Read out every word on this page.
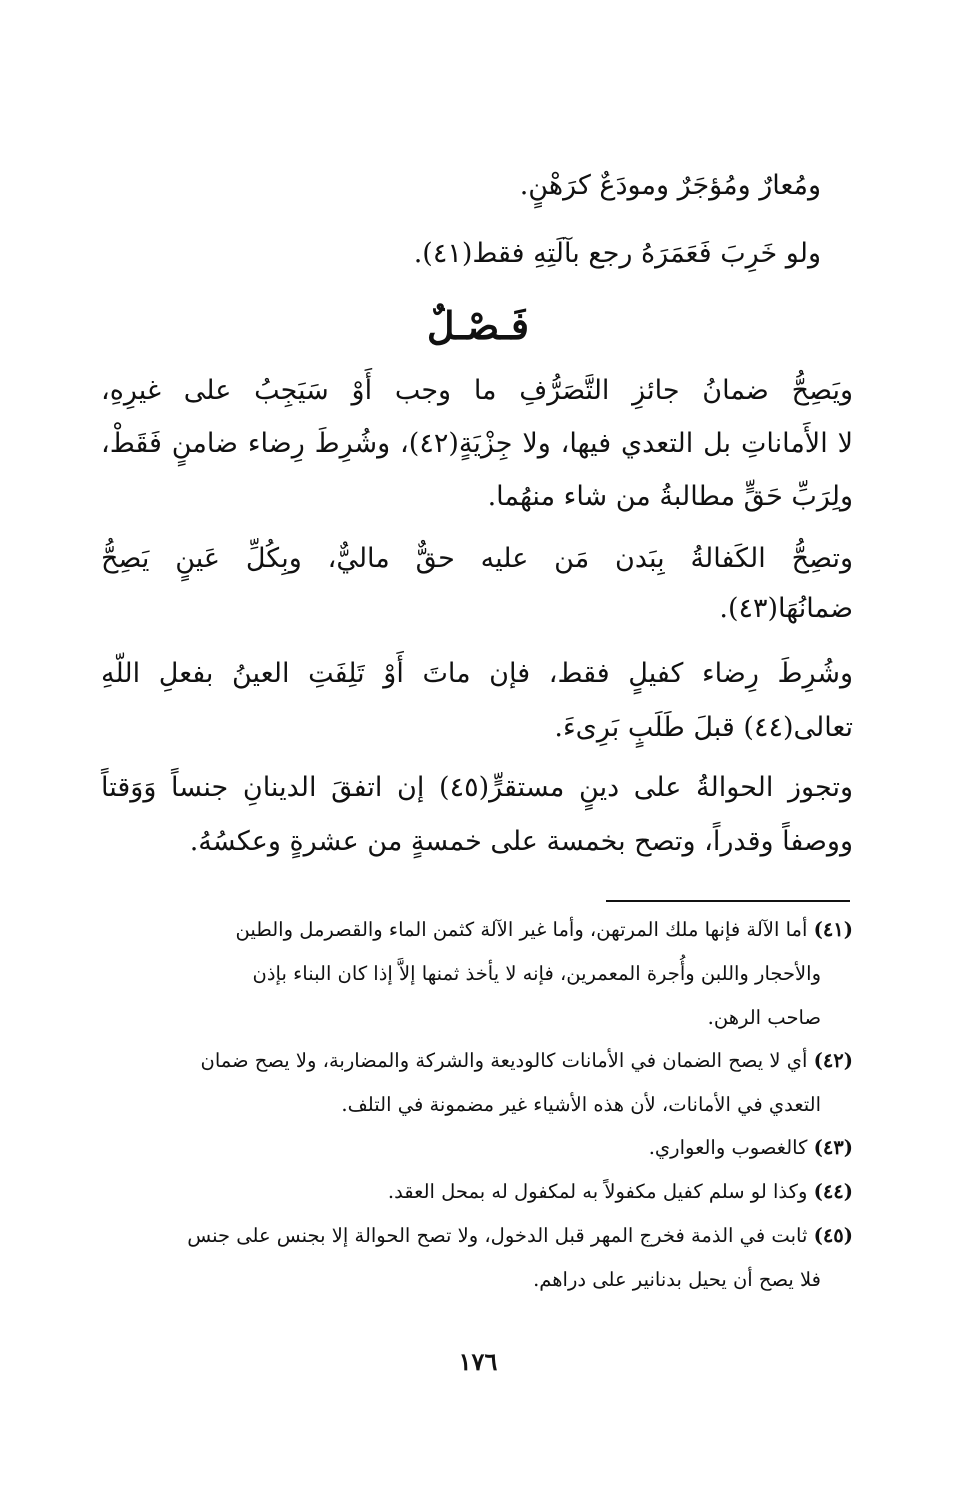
ومُعارٌ ومُؤجَرٌ ومودَعٌ كرَهْنٍ.
ولو خَرِبَ فَعَمَرَهُ رجع بآلَتِهِ فقط(٤١).
فَـصْـلٌ
ويَصِحُّ ضمانُ جائزِ التَّصَرُّفِ ما وجب أَوْ سَيَجِبُ على غيرِهِ،
لا الأَماناتِ بل التعدي فيها، ولا جِزْيَةٍ(٤٢)، وشُرِطَ رِضاء ضامنٍ فَقَطْ،
ولِرَبِّ حَقٍّ مطالبةُ من شاء منهُما.
وتصِحُّ الكَفالةُ بِبَدن مَن عليه حقٌّ ماليٌّ، وبِكُلِّ عَينٍ يَصِحُّ
ضمانُهَا(٤٣).
وشُرِطَ رِضاء كفيلٍ فقط، فإن ماتَ أَوْ تَلِفَتِ العينُ بفعلِ اللّهِ
تعالى(٤٤) قبلَ طَلَبٍ بَرِىءَ.
وتجوز الحوالةُ على دينٍ مستقرٍّ(٤٥) إن اتفقَ الدينانِ جنساً وَوَقتاً
ووصفاً وقدراً، وتصح بخمسة على خمسةٍ من عشرةٍ وعكسُهُ.
(٤١) أما الآلة فإنها ملك المرتهن، وأما غير الآلة كثمن الماء والقصرمل والطين
والأحجار واللبن وأُجرة المعمرين، فإنه لا يأخذ ثمنها إلاَّ إذا كان البناء بإذن
صاحب الرهن.
(٤٢) أي لا يصح الضمان في الأمانات كالوديعة والشركة والمضاربة، ولا يصح ضمان
التعدي في الأمانات، لأن هذه الأشياء غير مضمونة في التلف.
(٤٣) كالغصوب والعواري.
(٤٤) وكذا لو سلم كفيل مكفولاً به لمكفول له بمحل العقد.
(٤٥) ثابت في الذمة فخرج المهر قبل الدخول، ولا تصح الحوالة إلا بجنس على جنس
فلا يصح أن يحيل بدنانير على دراهم.
١٧٦
